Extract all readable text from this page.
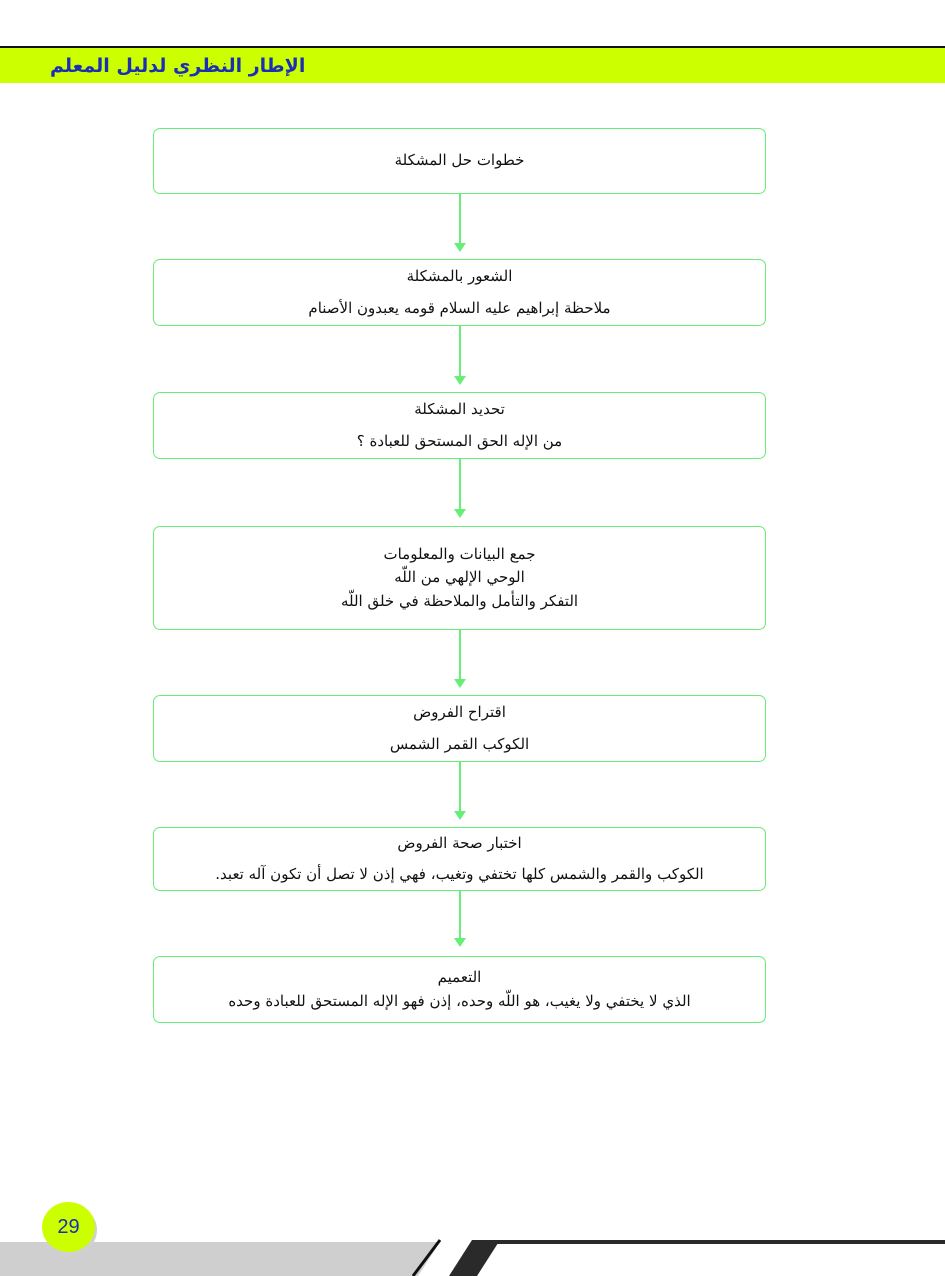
الإطار النظري لدليل المعلم

خطوات حل المشكلة

الشعور بالمشكلة

ملاحظة إبراهيم عليه السلام قومه يعبدون الأصنام

تحديد المشكلة

من الإله الحق المستحق للعبادة ؟

جمع البيانات والمعلومات

الوحي الإلهي من اللّه

التفكر والتأمل والملاحظة في خلق اللّه

اقتراح الفروض

الكوكب القمر الشمس

اختبار صحة الفروض

الكوكب والقمر والشمس كلها تختفي وتغيب، فهي إذن لا تصل أن تكون آله تعبد.

التعميم

الذي لا يختفي ولا يغيب، هو اللّه وحده، إذن فهو الإله المستحق للعبادة وحده

29
